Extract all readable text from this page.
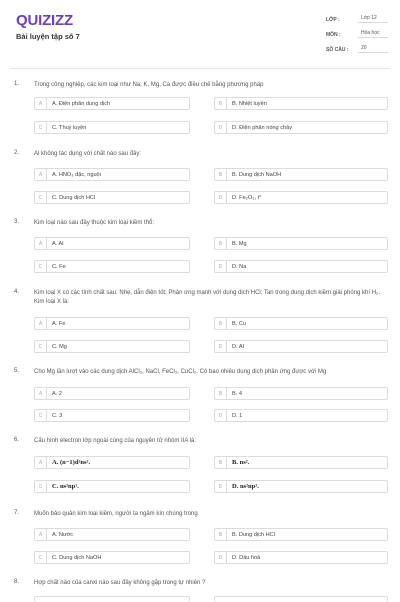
QUIZIZZ
Bài luyện tập số 7
LỚP :	Lớp 12
MÔN :	Hóa học
SỐ CÂU :	20
1. Trong công nghiệp, các kim loại như Na, K, Mg, Ca được điều chế bằng phương pháp
A	A. Điện phân dung dịch	B	B. Nhiệt luyện
C	C. Thuỷ luyện	D	D. Điện phân nóng chảy
2. Al không tác dụng với chất nào sau đây:
A	A. HNO₃ đặc, nguội	B	B. Dung dịch NaOH
C	C. Dung dịch HCl	D	D. Fe₂O₃, t°
3. Kim loại nào sau đây thuộc kim loại kiềm thổ:
A	A. Al	B	B. Mg
C	C. Fe	D	D. Na
4. Kim loại X có các tính chất sau: Nhẹ, dẫn điện tốt; Phản ứng mạnh với dung dịch HCl; Tan trong dung dịch kiềm giải phóng khí H₂. Kim loại X là:
A	A. Fe	B	B. Cu
C	C. Mg	D	D. Al
5. Cho Mg lần lượt vào các dung dịch AlCl₃, NaCl, FeCl₃, CuCl₂. Có bao nhiêu dung dịch phản ứng được với Mg
A	A. 2	B	B. 4
C	C. 3	D	D. 1
6. Cấu hình electron lớp ngoài cùng của nguyên tử nhóm IIA là:
A	A. (n−1)d²ns².	B	B. ns².
C	C. ns²np¹.	D	D. ns²np².
7. Muốn bảo quản kim loại kiềm, người ta ngâm kín chúng trong
A	A. Nước	B	B. Dung dịch HCl
C	C. Dung dịch NaOH	D	D. Dầu hoả
8. Hợp chất nào của canxi nào sau đây không gặp trong tự nhiên ?
